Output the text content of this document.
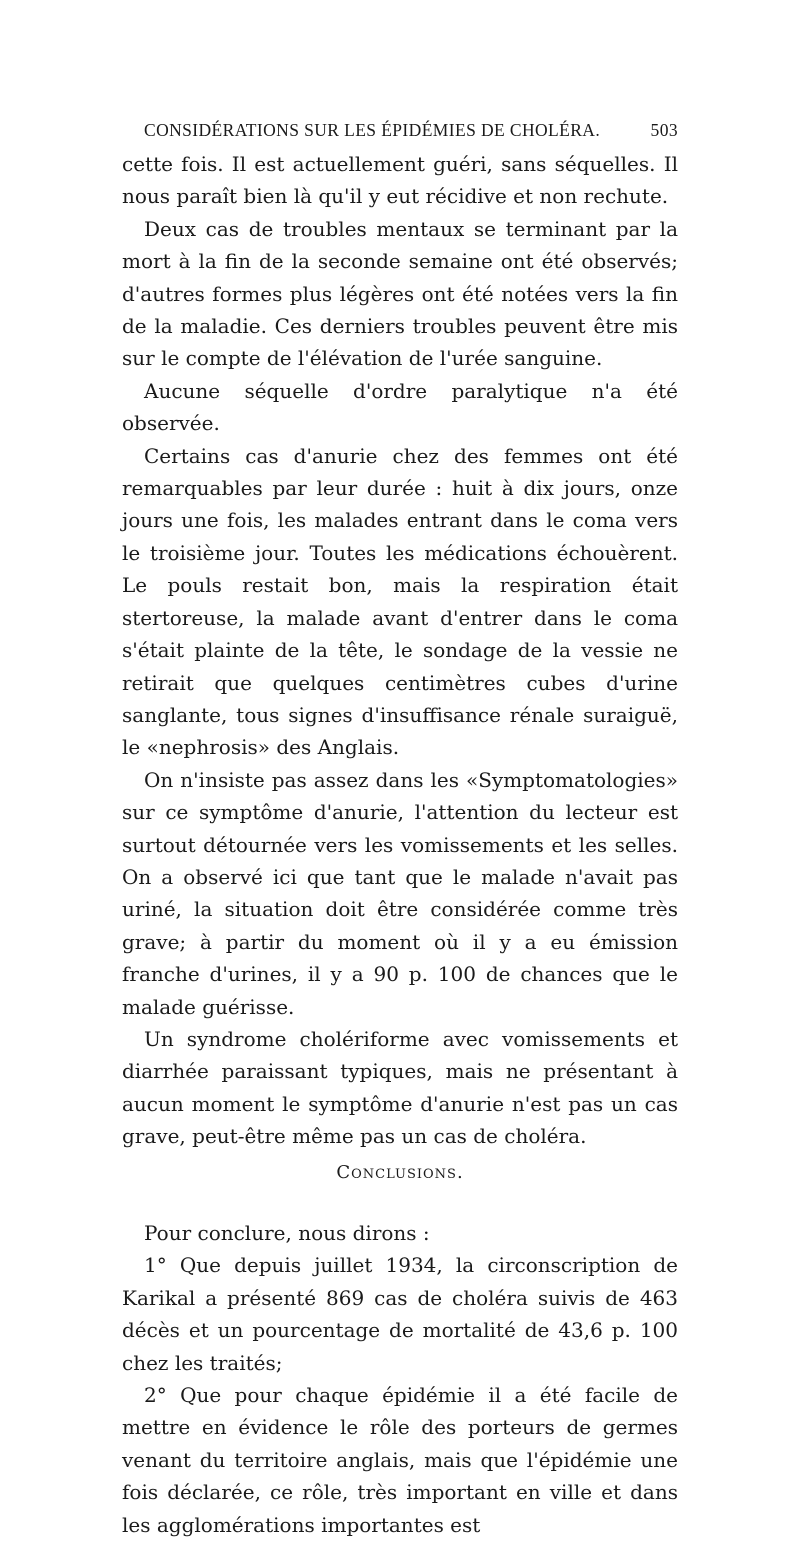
CONSIDÉRATIONS SUR LES ÉPIDÉMIES DE CHOLÉRA.	503

cette fois. Il est actuellement guéri, sans séquelles. Il nous paraît bien là qu'il y eut récidive et non rechute.

Deux cas de troubles mentaux se terminant par la mort à la fin de la seconde semaine ont été observés; d'autres formes plus légères ont été notées vers la fin de la maladie. Ces derniers troubles peuvent être mis sur le compte de l'élévation de l'urée sanguine.

Aucune séquelle d'ordre paralytique n'a été observée.

Certains cas d'anurie chez des femmes ont été remarquables par leur durée : huit à dix jours, onze jours une fois, les malades entrant dans le coma vers le troisième jour. Toutes les médications échouèrent. Le pouls restait bon, mais la respiration était stertoreuse, la malade avant d'entrer dans le coma s'était plainte de la tête, le sondage de la vessie ne retirait que quelques centimètres cubes d'urine sanglante, tous signes d'insuffisance rénale suraiguë, le «nephrosis» des Anglais.

On n'insiste pas assez dans les «Symptomatologies» sur ce symptôme d'anurie, l'attention du lecteur est surtout détournée vers les vomissements et les selles. On a observé ici que tant que le malade n'avait pas uriné, la situation doit être considérée comme très grave; à partir du moment où il y a eu émission franche d'urines, il y a 90 p. 100 de chances que le malade guérisse.

Un syndrome cholériforme avec vomissements et diarrhée paraissant typiques, mais ne présentant à aucun moment le symptôme d'anurie n'est pas un cas grave, peut-être même pas un cas de choléra.

Conclusions.

Pour conclure, nous dirons :

1° Que depuis juillet 1934, la circonscription de Karikal a présenté 869 cas de choléra suivis de 463 décès et un pourcentage de mortalité de 43,6 p. 100 chez les traités;

2° Que pour chaque épidémie il a été facile de mettre en évidence le rôle des porteurs de germes venant du territoire anglais, mais que l'épidémie une fois déclarée, ce rôle, très important en ville et dans les agglomérations importantes est
